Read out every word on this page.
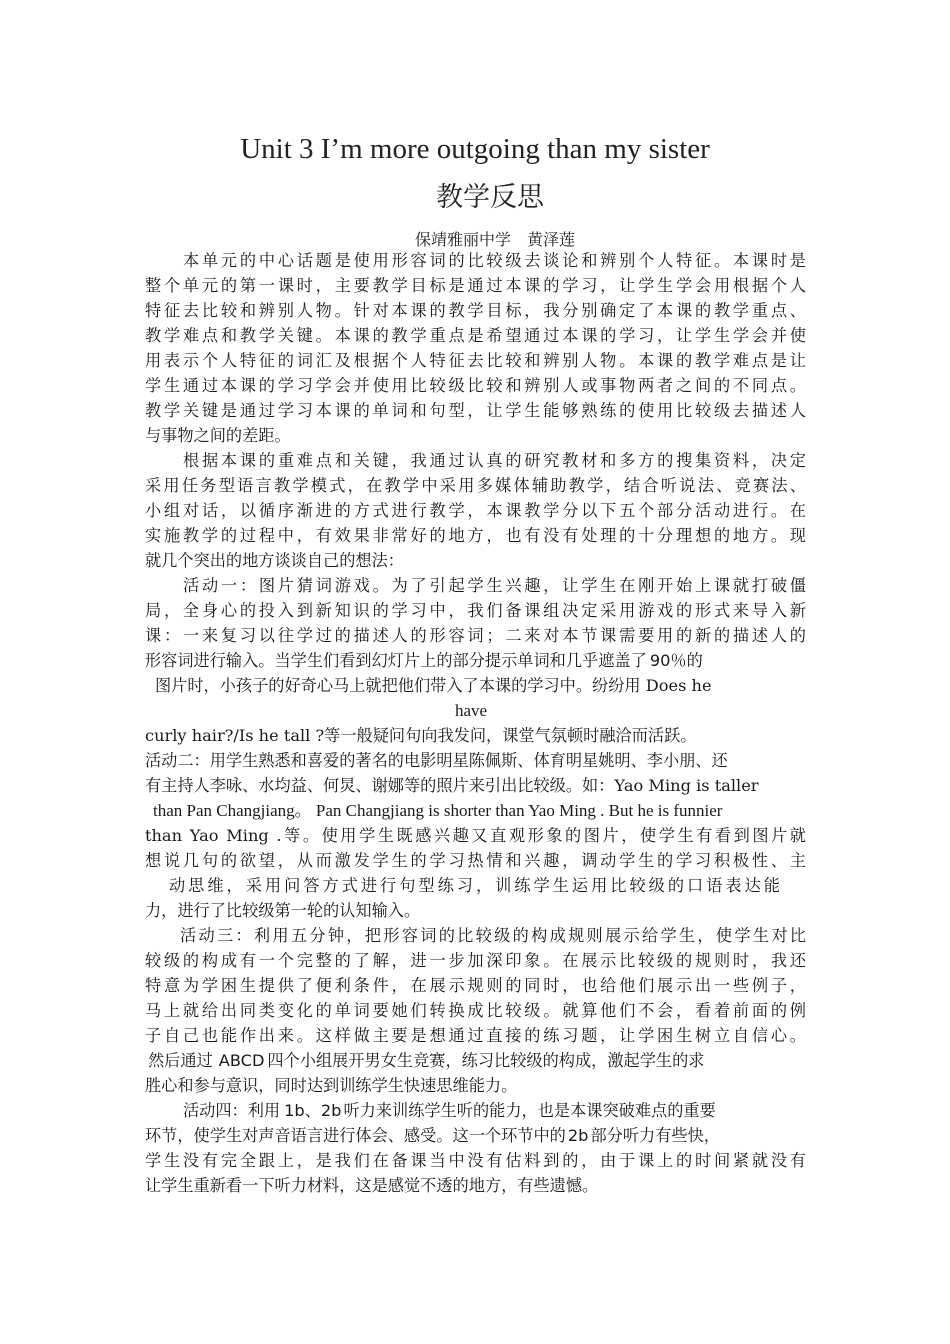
Unit 3 I’m more outgoing than my sister
教学反思
保靖雅丽中学　黄泽莲
本单元的中心话题是使用形容词的比较级去谈论和辨别个人特征。本课时是
整个单元的第一课时，主要教学目标是通过本课的学习，让学生学会用根据个人
特征去比较和辨别人物。针对本课的教学目标，我分别确定了本课的教学重点、
教学难点和教学关键。本课的教学重点是希望通过本课的学习，让学生学会并使
用表示个人特征的词汇及根据个人特征去比较和辨别人物。本课的教学难点是让
学生通过本课的学习学会并使用比较级比较和辨别人或事物两者之间的不同点。
教学关键是通过学习本课的单词和句型，让学生能够熟练的使用比较级去描述人
与事物之间的差距。
根据本课的重难点和关键，我通过认真的研究教材和多方的搜集资料，决定
采用任务型语言教学模式，在教学中采用多媒体辅助教学，结合听说法、竞赛法、
小组对话，以循序渐进的方式进行教学，本课教学分以下五个部分活动进行。在
实施教学的过程中，有效果非常好的地方，也有没有处理的十分理想的地方。现
就几个突出的地方谈谈自己的想法：
活动一：图片猜词游戏。为了引起学生兴趣，让学生在刚开始上课就打破僵
局，全身心的投入到新知识的学习中，我们备课组决定采用游戏的形式来导入新
课：一来复习以往学过的描述人的形容词；二来对本节课需要用的新的描述人的
形容词进行输入。当学生们看到幻灯片上的部分提示单词和几乎遮盖了 90％的
图片时，小孩子的好奇心马上就把他们带入了本课的学习中。纷纷用 Does he
have
curly hair?/Is he tall ?等一般疑问句向我发问，课堂气氛顿时融洽而活跃。
活动二：用学生熟悉和喜爱的著名的电影明星陈佩斯、体育明星姚明、李小朋、还
有主持人李咏、水均益、何炅、谢娜等的照片来引出比较级。如：Yao Ming is taller
than Pan Changjiang。 Pan Changjiang is shorter than Yao Ming . But he is funnier
than Yao Ming .等。使用学生既感兴趣又直观形象的图片，使学生有看到图片就
想说几句的欲望，从而激发学生的学习热情和兴趣，调动学生的学习积极性、主
动思维，采用问答方式进行句型练习，训练学生运用比较级的口语表达能
力，进行了比较级第一轮的认知输入。
活动三：利用五分钟，把形容词的比较级的构成规则展示给学生，使学生对比
较级的构成有一个完整的了解，进一步加深印象。在展示比较级的规则时，我还
特意为学困生提供了便利条件，在展示规则的同时，也给他们展示出一些例子，
马上就给出同类变化的单词要她们转换成比较级。就算他们不会，看着前面的例
子自己也能作出来。这样做主要是想通过直接的练习题，让学困生树立自信心。
然后通过 ABCD 四个小组展开男女生竞赛，练习比较级的构成，激起学生的求
胜心和参与意识，同时达到训练学生快速思维能力。
活动四：利用 1b、2b 听力来训练学生听的能力，也是本课突破难点的重要
环节，使学生对声音语言进行体会、感受。这一个环节中的 2b 部分听力有些快，
学生没有完全跟上，是我们在备课当中没有估料到的，由于课上的时间紧就没有
让学生重新看一下听力材料，这是感觉不透的地方，有些遗憾。
